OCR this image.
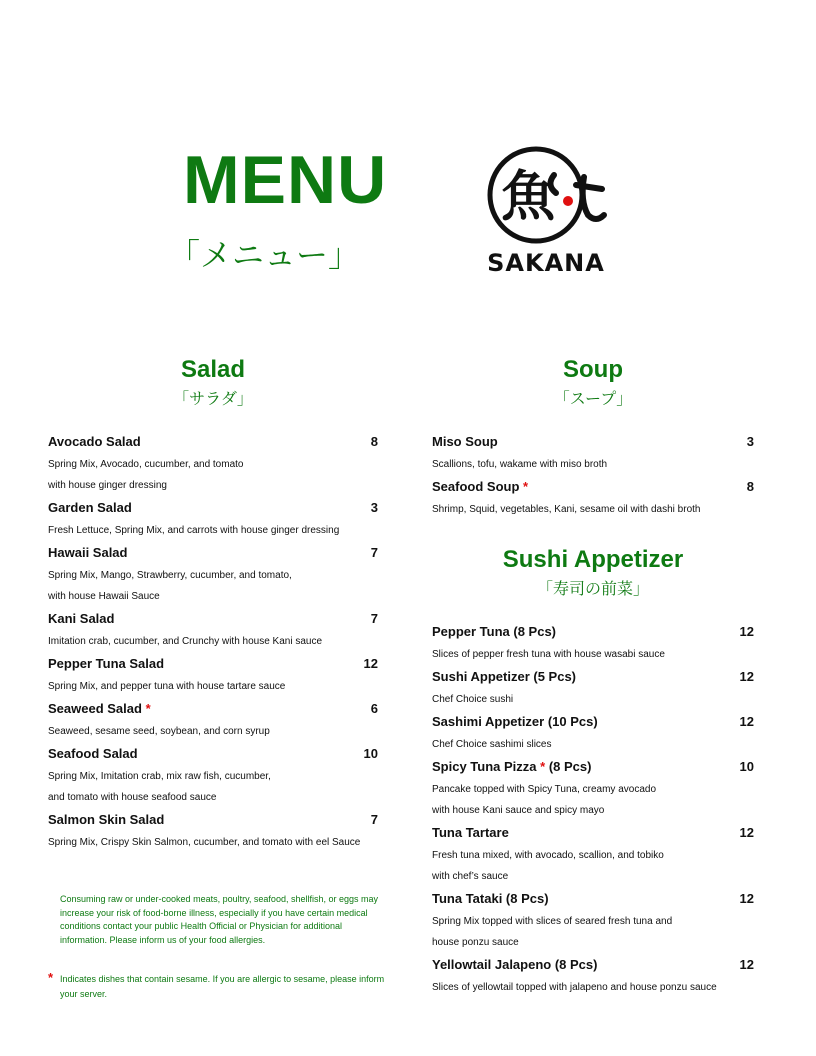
MENU
「メニュー」
魚
SAKANA
Salad
「サラダ」
Avocado Salad	8
Spring Mix, Avocado, cucumber, and tomato
with house ginger dressing
Garden Salad	3
Fresh Lettuce, Spring Mix, and carrots with house ginger dressing
Hawaii Salad	7
Spring Mix, Mango, Strawberry, cucumber, and tomato,
with house Hawaii Sauce
Kani Salad	7
Imitation crab, cucumber, and Crunchy with house Kani sauce
Pepper Tuna Salad	12
Spring Mix, and pepper tuna with house tartare sauce
Seaweed Salad *	6
Seaweed, sesame seed, soybean, and corn syrup
Seafood Salad	10
Spring Mix, Imitation crab, mix raw fish, cucumber,
and tomato with house seafood sauce
Salmon Skin Salad	7
Spring Mix, Crispy Skin Salmon, cucumber, and tomato with eel Sauce
Soup
「スープ」
Miso Soup	3
Scallions, tofu, wakame with miso broth
Seafood Soup *	8
Shrimp, Squid, vegetables, Kani, sesame oil with dashi broth
Sushi Appetizer
「寿司の前菜」
Pepper Tuna (8 Pcs)	12
Slices of pepper fresh tuna with house wasabi sauce
Sushi Appetizer (5 Pcs)	12
Chef Choice sushi
Sashimi Appetizer (10 Pcs)	12
Chef Choice sashimi slices
Spicy Tuna Pizza * (8 Pcs)	10
Pancake topped with Spicy Tuna, creamy avocado
with house Kani sauce and spicy mayo
Tuna Tartare	12
Fresh tuna mixed, with avocado, scallion, and tobiko
with chef’s sauce
Tuna Tataki (8 Pcs)	12
Spring Mix topped with slices of seared fresh tuna and
house ponzu sauce
Yellowtail Jalapeno (8 Pcs)	12
Slices of yellowtail topped with jalapeno and house ponzu sauce
Consuming raw or under-cooked meats, poultry, seafood, shellfish, or eggs may increase your risk of food-borne illness, especially if you have certain medical conditions contact your public Health Official or Physician for additional information. Please inform us of your food allergies.
* Indicates dishes that contain sesame. If you are allergic to sesame, please inform your server.
